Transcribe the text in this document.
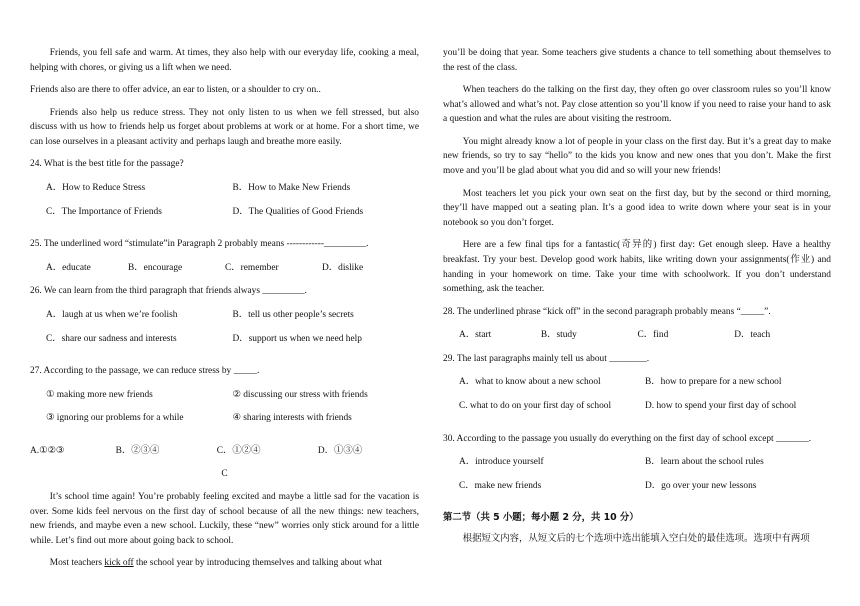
Friends, you fell safe and warm. At times, they also help with our everyday life, cooking a meal, helping with chores, or giving us a lift when we need.

Friends also are there to offer advice, an ear to listen, or a shoulder to cry on..

Friends also help us reduce stress. They not only listen to us when we fell stressed, but also discuss with us how to friends help us forget about problems at work or at home. For a short time, we can lose ourselves in a pleasant activity and perhaps laugh and breathe more easily.

24. What is the best title for the passage?

A．How to Reduce Stress	B．How to Make New Friends
C．The Importance of Friends	D．The Qualities of Good Friends

25. The underlined word “stimulate”in Paragraph 2 probably means ------------_________.

A．educate	B．encourage	C．remember	D．dislike

26. We can learn from the third paragraph that friends always _________.

A．laugh at us when we’re foolish	B．tell us other people’s secrets
C．share our sadness and interests	D．support us when we need help

27. According to the passage, we can reduce stress by _____.

① making more new friends	② discussing our stress with friends
③ ignoring our problems for a while	④ sharing interests with friends
A.①②③	B．②③④	C．①②④	D．①③④

C

It’s school time again! You’re probably feeling excited and maybe a little sad for the vacation is over. Some kids feel nervous on the first day of school because of all the new things: new teachers, new friends, and maybe even a new school. Luckily, these “new” worries only stick around for a little while. Let’s find out more about going back to school.

Most teachers kick off the school year by introducing themselves and talking about what

you’ll be doing that year. Some teachers give students a chance to tell something about themselves to the rest of the class.

When teachers do the talking on the first day, they often go over classroom rules so you’ll know what’s allowed and what’s not. Pay close attention so you’ll know if you need to raise your hand to ask a question and what the rules are about visiting the restroom.

You might already know a lot of people in your class on the first day. But it’s a great day to make new friends, so try to say “hello” to the kids you know and new ones that you don’t. Make the first move and you’ll be glad about what you did and so will your new friends!

Most teachers let you pick your own seat on the first day, but by the second or third morning, they’ll have mapped out a seating plan. It’s a good idea to write down where your seat is in your notebook so you don’t forget.

Here are a few final tips for a fantastic(奇异的) first day: Get enough sleep. Have a healthy breakfast. Try your best. Develop good work habits, like writing down your assignments(作业) and handing in your homework on time. Take your time with schoolwork. If you don’t understand something, ask the teacher.

28. The underlined phrase “kick off” in the second paragraph probably means “_____”.

A．start	B．study	C．find	D．teach

29. The last paragraphs mainly tell us about ________.

A．what to know about a new school	B．how to prepare for a new school
C. what to do on your first day of school	D. how to spend your first day of school

30. According to the passage you usually do everything on the first day of school except _______.

A．introduce yourself	B．learn about the school rules
C．make new friends	D．go over your new lessons

第二节（共 5 小题；每小题 2 分，共 10 分）

根据短文内容，从短文后的七个选项中选出能填入空白处的最佳选项。选项中有两项
